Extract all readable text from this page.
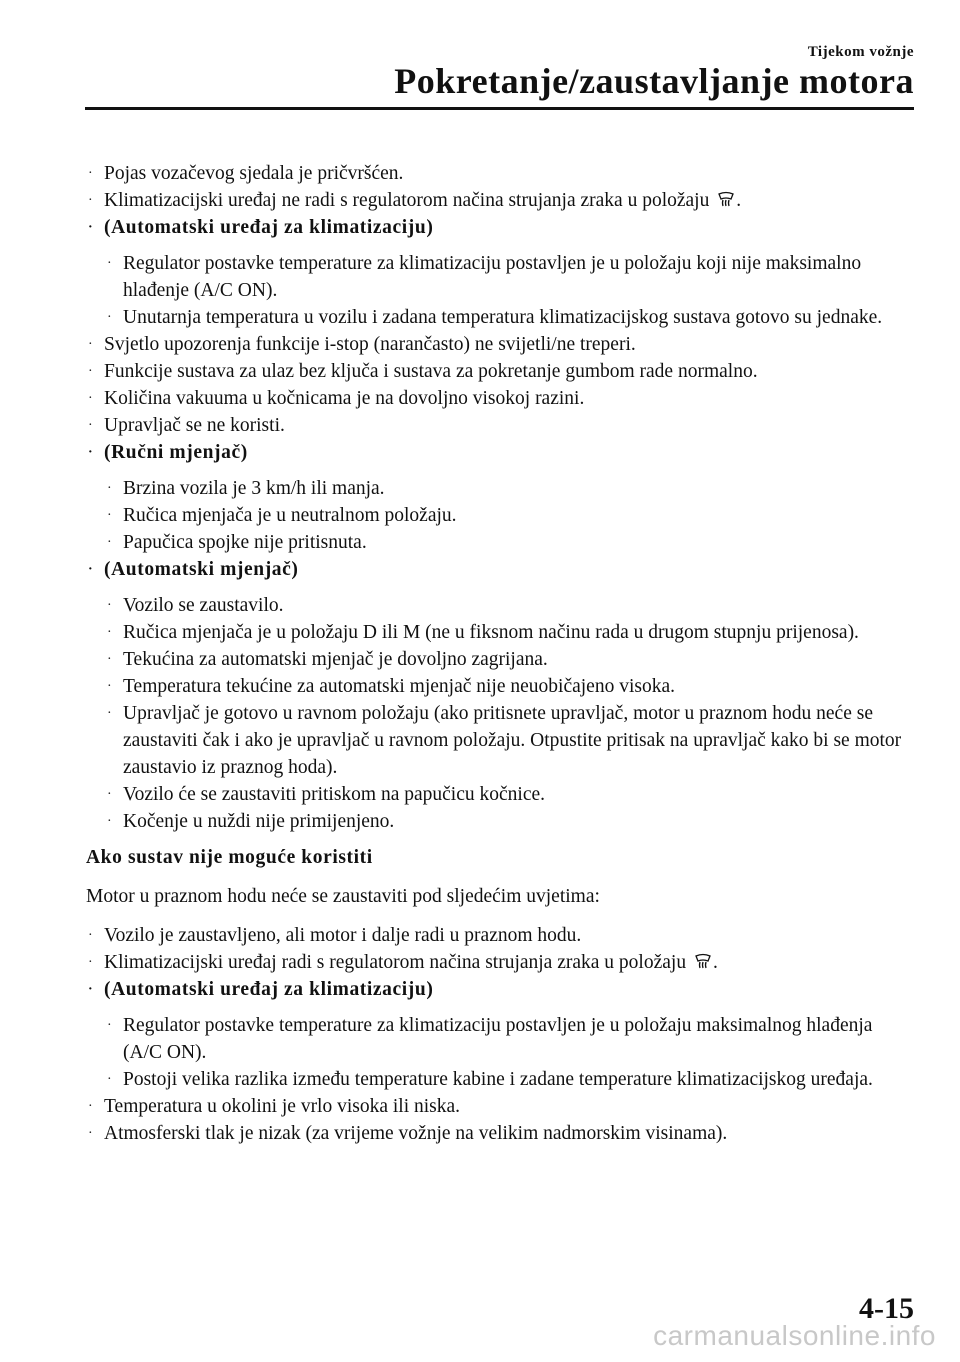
Tijekom vožnje
Pokretanje/zaustavljanje motora

· Pojas vozačevog sjedala je pričvršćen.

· Klimatizacijski uređaj ne radi s regulatorom načina strujanja zraka u položaju .

· (Automatski uređaj za klimatizaciju)

· Regulator postavke temperature za klimatizaciju postavljen je u položaju koji nije maksimalno hlađenje (A/C ON).

· Unutarnja temperatura u vozilu i zadana temperatura klimatizacijskog sustava gotovo su jednake.

· Svjetlo upozorenja funkcije i-stop (narančasto) ne svijetli/ne treperi.

· Funkcije sustava za ulaz bez ključa i sustava za pokretanje gumbom rade normalno.

· Količina vakuuma u kočnicama je na dovoljno visokoj razini.

· Upravljač se ne koristi.

· (Ručni mjenjač)

· Brzina vozila je 3 km/h ili manja.

· Ručica mjenjača je u neutralnom položaju.

· Papučica spojke nije pritisnuta.

· (Automatski mjenjač)

· Vozilo se zaustavilo.

· Ručica mjenjača je u položaju D ili M (ne u fiksnom načinu rada u drugom stupnju prijenosa).

· Tekućina za automatski mjenjač je dovoljno zagrijana.

· Temperatura tekućine za automatski mjenjač nije neuobičajeno visoka.

· Upravljač je gotovo u ravnom položaju (ako pritisnete upravljač, motor u praznom hodu neće se zaustaviti čak i ako je upravljač u ravnom položaju. Otpustite pritisak na upravljač kako bi se motor zaustavio iz praznog hoda).

· Vozilo će se zaustaviti pritiskom na papučicu kočnice.

· Kočenje u nuždi nije primijenjeno.

Ako sustav nije moguće koristiti

Motor u praznom hodu neće se zaustaviti pod sljedećim uvjetima:

· Vozilo je zaustavljeno, ali motor i dalje radi u praznom hodu.

· Klimatizacijski uređaj radi s regulatorom načina strujanja zraka u položaju .

· (Automatski uređaj za klimatizaciju)

· Regulator postavke temperature za klimatizaciju postavljen je u položaju maksimalnog hlađenja (A/C ON).

· Postoji velika razlika između temperature kabine i zadane temperature klimatizacijskog uređaja.

· Temperatura u okolini je vrlo visoka ili niska.

· Atmosferski tlak je nizak (za vrijeme vožnje na velikim nadmorskim visinama).

4-15
carmanualsonline.info
